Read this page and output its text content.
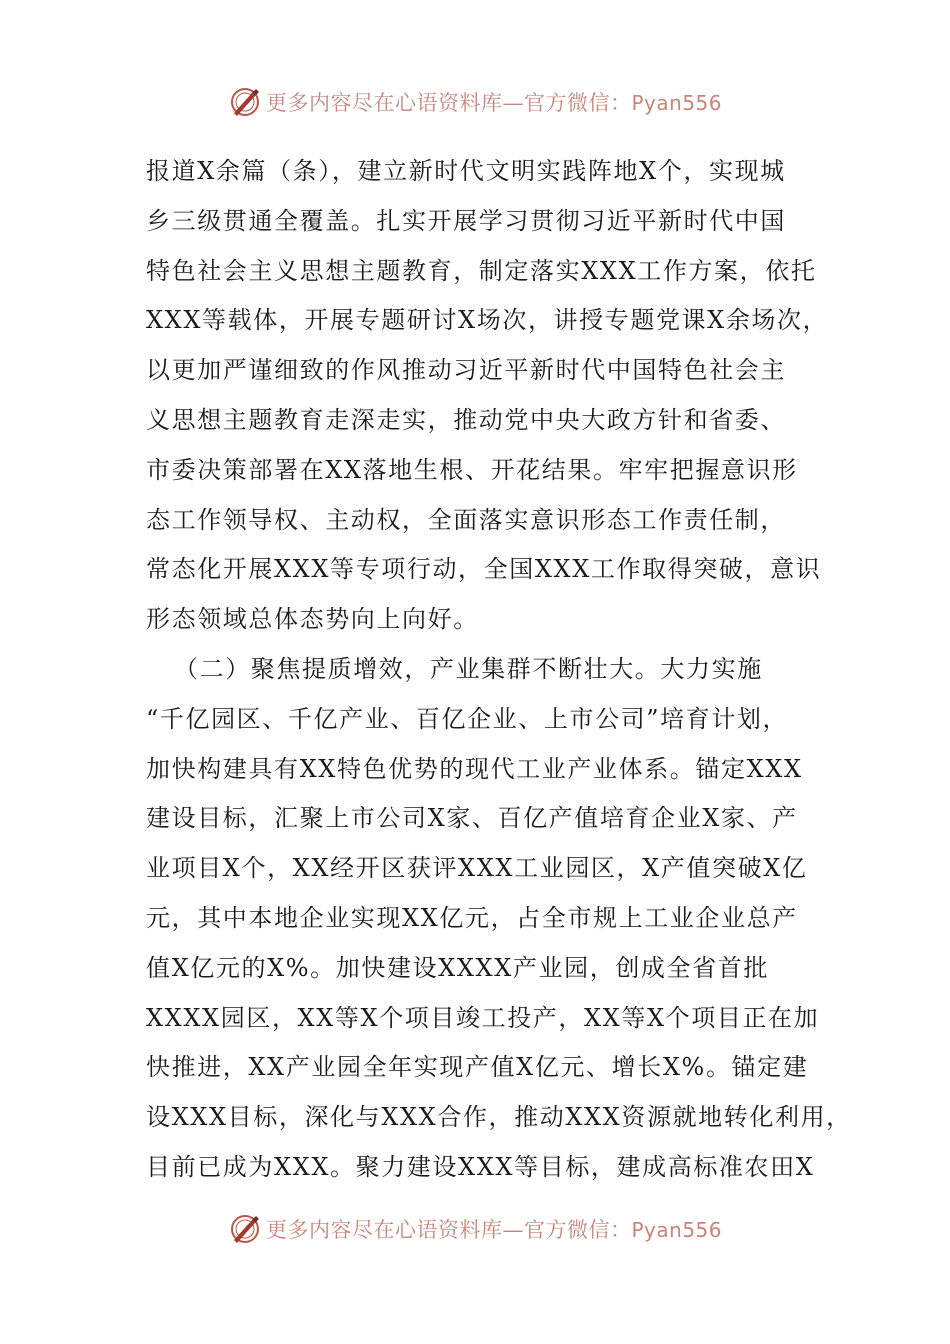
更多内容尽在心语资料库—官方微信：Pyan556
报道X余篇（条），建立新时代文明实践阵地X个，实现城
乡三级贯通全覆盖。扎实开展学习贯彻习近平新时代中国
特色社会主义思想主题教育，制定落实XXX工作方案，依托
XXX等载体，开展专题研讨X场次，讲授专题党课X余场次，
以更加严谨细致的作风推动习近平新时代中国特色社会主
义思想主题教育走深走实，推动党中央大政方针和省委、
市委决策部署在XX落地生根、开花结果。牢牢把握意识形
态工作领导权、主动权，全面落实意识形态工作责任制，
常态化开展XXX等专项行动，全国XXX工作取得突破，意识
形态领域总体态势向上向好。
（二）聚焦提质增效，产业集群不断壮大。大力实施
“千亿园区、千亿产业、百亿企业、上市公司”培育计划，
加快构建具有XX特色优势的现代工业产业体系。锚定XXX
建设目标，汇聚上市公司X家、百亿产值培育企业X家、产
业项目X个，XX经开区获评XXX工业园区，X产值突破X亿
元，其中本地企业实现XX亿元，占全市规上工业企业总产
值X亿元的X%。加快建设XXXX产业园，创成全省首批
XXXX园区，XX等X个项目竣工投产，XX等X个项目正在加
快推进，XX产业园全年实现产值X亿元、增长X%。锚定建
设XXX目标，深化与XXX合作，推动XXX资源就地转化利用，
目前已成为XXX。聚力建设XXX等目标，建成高标准农田X
更多内容尽在心语资料库—官方微信：Pyan556
